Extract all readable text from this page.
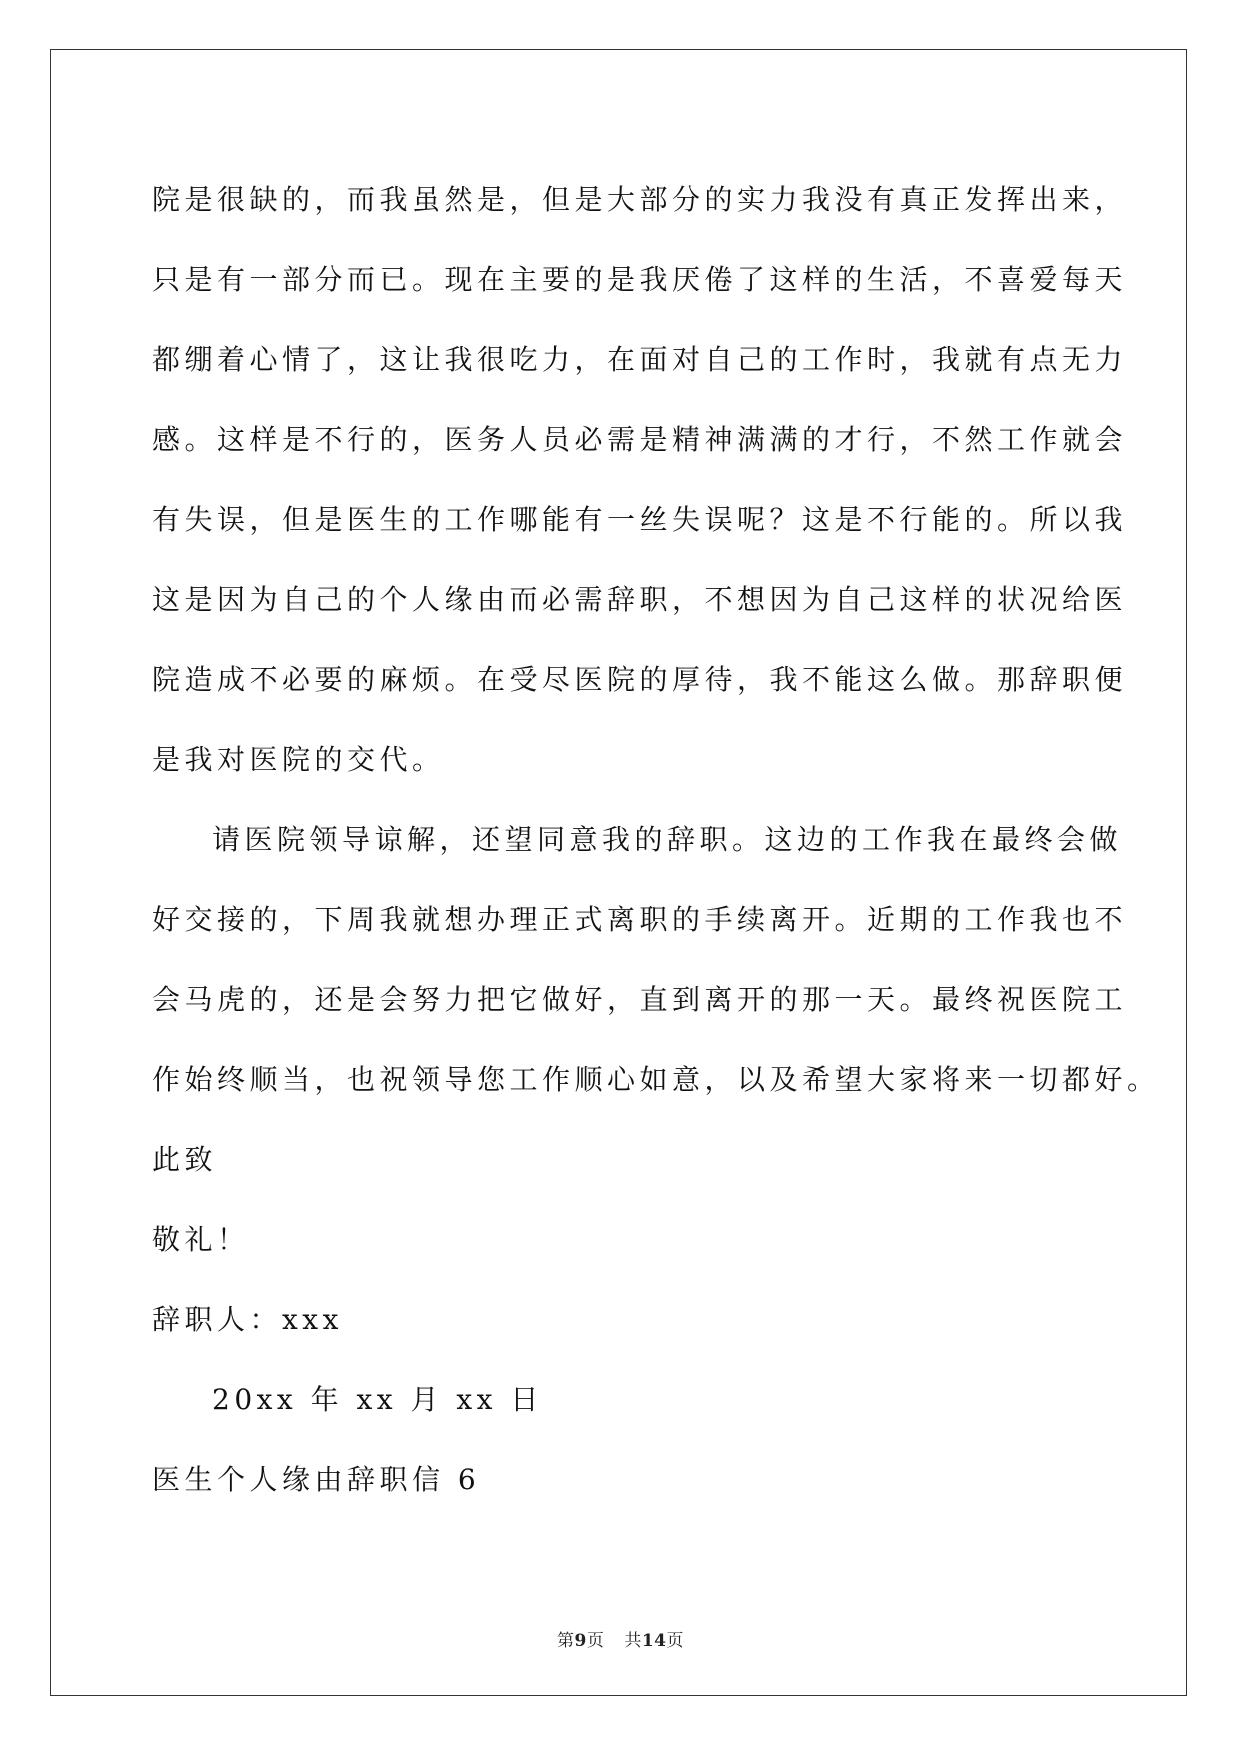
院是很缺的，而我虽然是，但是大部分的实力我没有真正发挥出来，
只是有一部分而已。现在主要的是我厌倦了这样的生活，不喜爱每天
都绷着心情了，这让我很吃力，在面对自己的工作时，我就有点无力
感。这样是不行的，医务人员必需是精神满满的才行，不然工作就会
有失误，但是医生的工作哪能有一丝失误呢？这是不行能的。所以我
这是因为自己的个人缘由而必需辞职，不想因为自己这样的状况给医
院造成不必要的麻烦。在受尽医院的厚待，我不能这么做。那辞职便
是我对医院的交代。
请医院领导谅解，还望同意我的辞职。这边的工作我在最终会做
好交接的，下周我就想办理正式离职的手续离开。近期的工作我也不
会马虎的，还是会努力把它做好，直到离开的那一天。最终祝医院工
作始终顺当，也祝领导您工作顺心如意，以及希望大家将来一切都好。
此致
敬礼！
辞职人：xxx
20xx 年 xx 月 xx 日
医生个人缘由辞职信 6
第9页 共14页
